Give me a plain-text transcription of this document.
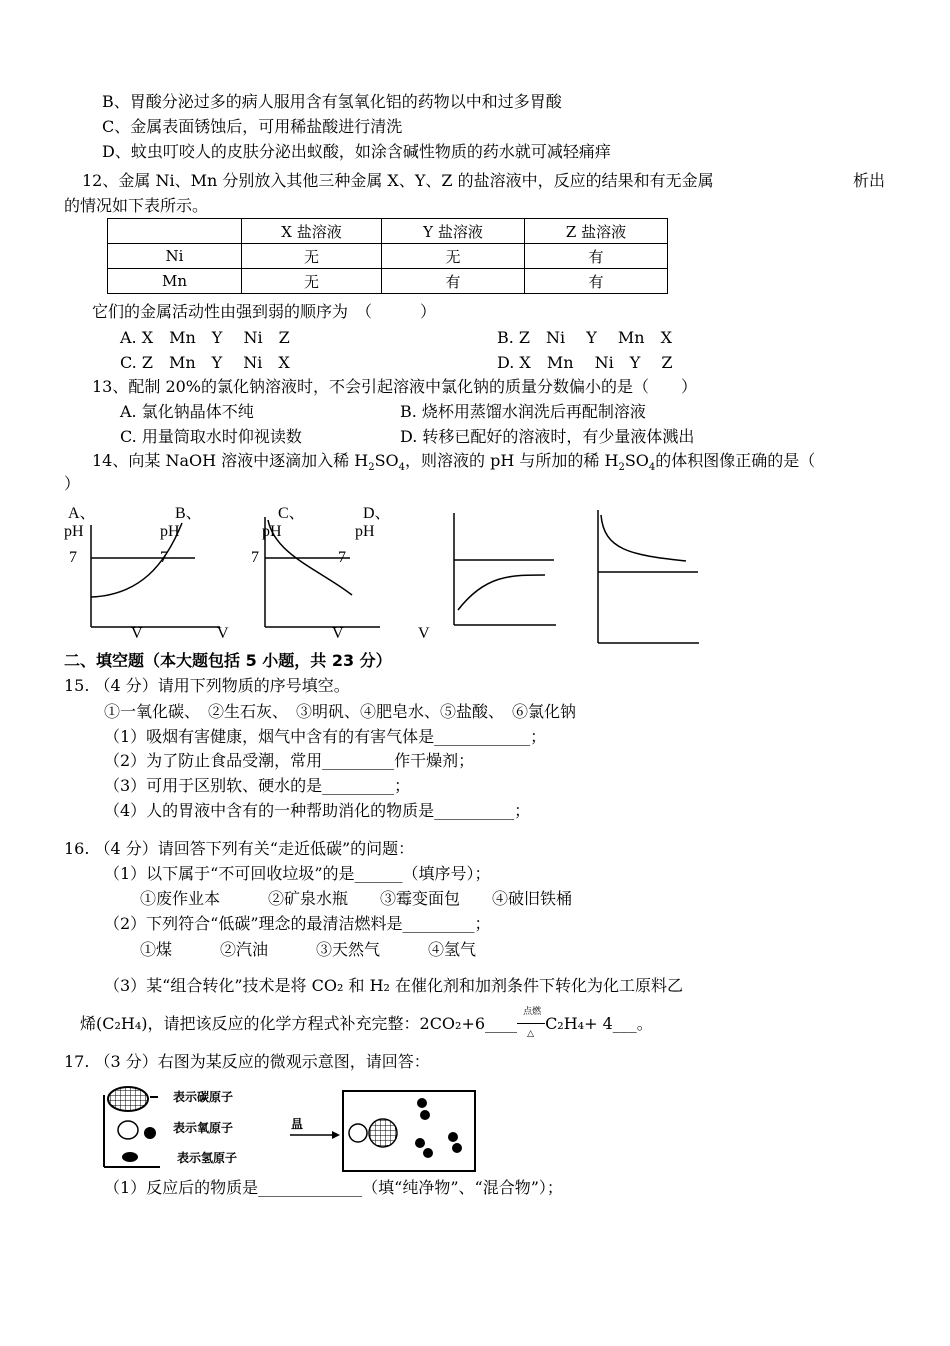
B、胃酸分泌过多的病人服用含有氢氧化铝的药物以中和过多胃酸
C、金属表面锈蚀后，可用稀盐酸进行清洗
D、蚊虫叮咬人的皮肤分泌出蚁酸，如涂含碱性物质的药水就可减轻痛痒
12、金属 Ni、Mn 分别放入其他三种金属 X、Y、Z 的盐溶液中，反应的结果和有无金属	析出
的情况如下表所示。
	X 盐溶液	Y 盐溶液	Z 盐溶液
Ni	无	无	有
Mn	无	有	有
它们的金属活动性由强到弱的顺序为　（　　　）
A. X　Mn　Y　 Ni　Z	B. Z　Ni　 Y　 Mn　X
C. Z　Mn　Y　 Ni　X	D. X　Mn　 Ni　Y　 Z
13、配制 20%的氯化钠溶液时，不会引起溶液中氯化钠的质量分数偏小的是（　　）
A. 氯化钠晶体不纯	B. 烧杯用蒸馏水润洗后再配制溶液
C. 用量筒取水时仰视读数	D. 转移已配好的溶液时，有少量液体溅出
14、向某 NaOH 溶液中逐滴加入稀 $H_2SO_4$，则溶液的 pH 与所加的稀 $H_2SO_4$的体积图像正确的是（
）
A、	B、	C、	D、
pH	pH	pH	pH
7	7	7	7
V	V	V	V
二、填空题（本大题包括 5 小题，共 23 分）
15. （4 分）请用下列物质的序号填空。
①一氧化碳、　②生石灰、　③明矾、④肥皂水、⑤盐酸、　⑥氯化钠
（1）吸烟有害健康，烟气中含有的有害气体是____________；
（2）为了防止食品受潮，常用_________作干燥剂；
（3）可用于区别软、硬水的是_________；
（4）人的胃液中含有的一种帮助消化的物质是__________；
16. （4 分）请回答下列有关“走近低碳”的问题：
（1）以下属于“不可回收垃圾”的是______（填序号）；
①废作业本　　　②矿泉水瓶　　③霉变面包　　④破旧铁桶
（2）下列符合“低碳”理念的最清洁燃料是_________；
①煤　　　②汽油　　　③天然气　　　④氢气
（3）某“组合转化”技术是将 CO₂ 和 H₂ 在催化剂和加剂条件下转化为化工原料乙
烯(C₂H₄)，请把该反应的化学方程式补充完整：2CO₂+6____
点燃
△
C₂H₄+ 4___。
17. （3 分）右图为某反应的微观示意图，请回答：
表示碳原子
表示氧原子
表示氢原子
昷
（1）反应后的物质是_____________（填“纯净物”、“混合物”）；
